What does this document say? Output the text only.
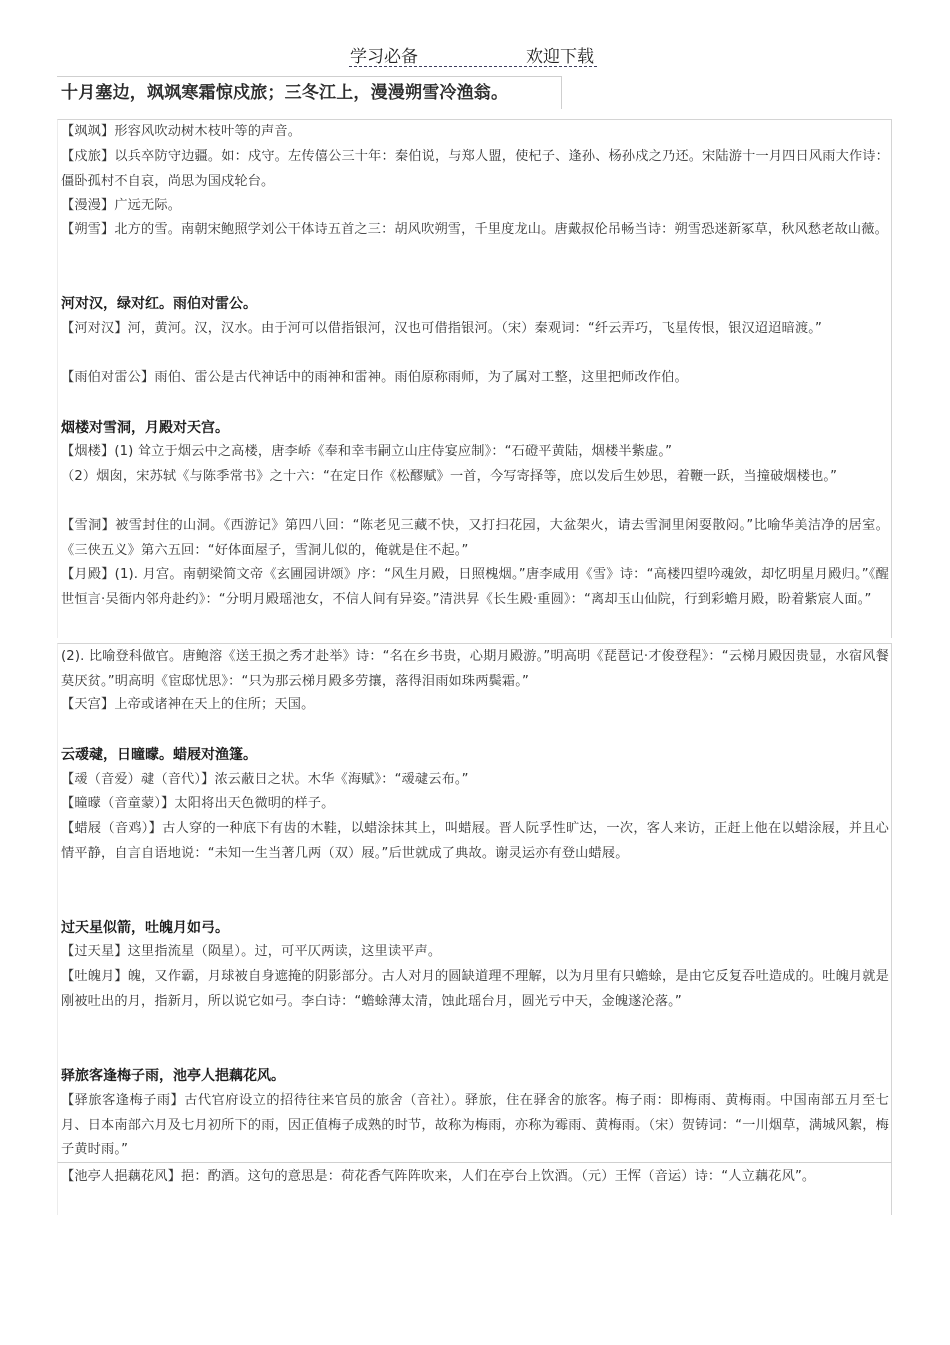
学习必备	欢迎下载
十月塞边，飒飒寒霜惊戍旅；三冬江上，漫漫朔雪冷渔翁。
【飒飒】形容风吹动树木枝叶等的声音。
【戍旅】以兵卒防守边疆。如：戍守。左传僖公三十年：秦伯说，与郑人盟，使杞子、逢孙、杨孙戍之乃还。宋陆游十一月四日风雨大作诗：僵卧孤村不自哀，尚思为国戍轮台。
【漫漫】广远无际。
【朔雪】北方的雪。南朝宋鲍照学刘公干体诗五首之三：胡风吹朔雪，千里度龙山。唐戴叔伦吊畅当诗：朔雪恐迷新冢草，秋风愁老故山薇。
河对汉，绿对红。雨伯对雷公。
【河对汉】河，黄河。汉，汉水。由于河可以借指银河，汉也可借指银河。（宋）秦观词：“纤云弄巧，飞星传恨，银汉迢迢暗渡。”
【雨伯对雷公】雨伯、雷公是古代神话中的雨神和雷神。雨伯原称雨师，为了属对工整，这里把师改作伯。
烟楼对雪洞，月殿对天宫。
【烟楼】(1) 耸立于烟云中之高楼，唐李峤《奉和幸韦嗣立山庄侍宴应制》：“石磴平黄陆，烟楼半紫虚。”
（2）烟囱，宋苏轼《与陈季常书》之十六：“在定日作《松醪赋》一首，今写寄择等，庶以发后生妙思，着鞭一跃，当撞破烟楼也。”
【雪洞】被雪封住的山洞。《西游记》第四八回：“陈老见三藏不快，又打扫花园，大盆架火，请去雪洞里闲耍散闷。”比喻华美洁净的居室。《三侠五义》第六五回：“好体面屋子，雪洞儿似的，俺就是住不起。”
【月殿】(1). 月宫。南朝梁简文帝《玄圃园讲颂》序：“风生月殿，日照槐烟。”唐李咸用《雪》诗：“高楼四望吟魂敛，却忆明星月殿归。”《醒世恒言·吴衙内邻舟赴约》：“分明月殿瑶池女，不信人间有异姿。”清洪昇《长生殿·重圆》：“离却玉山仙院，行到彩蟾月殿，盼着紫宸人面。”
(2). 比喻登科做官。唐鲍溶《送王损之秀才赴举》诗：“名在乡书贵，心期月殿游。”明高明《琵琶记·才俊登程》：“云梯月殿因贵显，水宿风餐莫厌贫。”明高明《宦邸忧思》：“只为那云梯月殿多劳攘，落得泪雨如珠两鬓霜。”
【天宫】上帝或诸神在天上的住所；天国。
云叆叇，日曈曚。蜡屐对渔篷。
【叆（音爱）叇（音代）】浓云蔽日之状。木华《海赋》：“叆叇云布。”
【曈曚（音童蒙）】太阳将出天色微明的样子。
【蜡屐（音鸡）】古人穿的一种底下有齿的木鞋，以蜡涂抹其上，叫蜡屐。晋人阮孚性旷达，一次，客人来访，正赶上他在以蜡涂屐，并且心情平静，自言自语地说：“未知一生当著几两（双）屐。”后世就成了典故。谢灵运亦有登山蜡屐。
过天星似箭，吐魄月如弓。
【过天星】这里指流星（陨星）。过，可平仄两读，这里读平声。
【吐魄月】魄，又作霸，月球被自身遮掩的阴影部分。古人对月的圆缺道理不理解，以为月里有只蟾蜍，是由它反复吞吐造成的。吐魄月就是刚被吐出的月，指新月，所以说它如弓。李白诗：“蟾蜍薄太清，蚀此瑶台月，圆光亏中天，金魄遂沦落。”
驿旅客逢梅子雨，池亭人挹藕花风。
【驿旅客逢梅子雨】古代官府设立的招待往来官员的旅舍（音社）。驿旅，住在驿舍的旅客。梅子雨：即梅雨、黄梅雨。中国南部五月至七月、日本南部六月及七月初所下的雨，因正值梅子成熟的时节，故称为梅雨，亦称为霉雨、黄梅雨。（宋）贺铸词：“一川烟草，满城风絮，梅子黄时雨。”
【池亭人挹藕花风】挹：酌酒。这句的意思是：荷花香气阵阵吹来，人们在亭台上饮酒。（元）王恽（音运）诗：“人立藕花风”。
